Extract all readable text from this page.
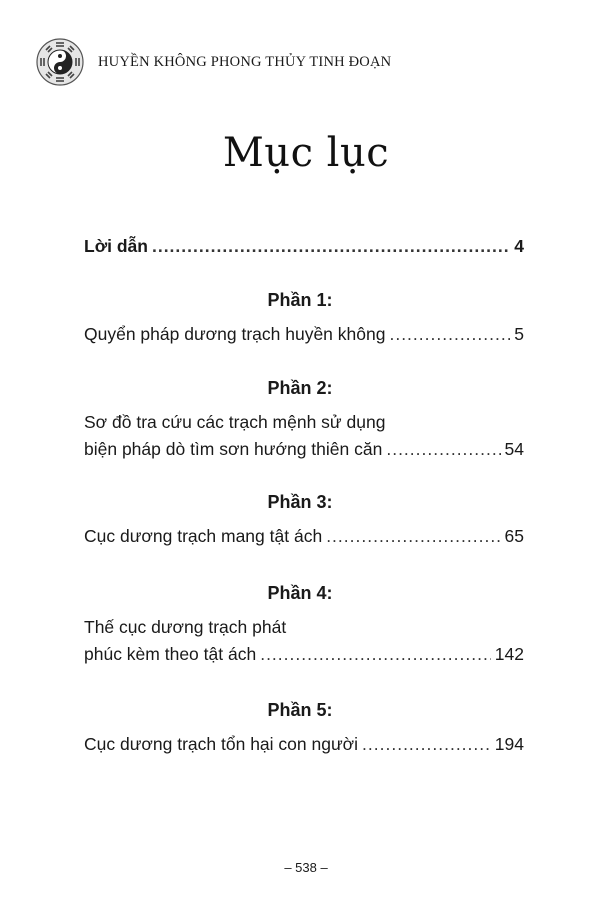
HUYỀN KHÔNG PHONG THỦY TINH ĐOẠN
Mục lục
Lời dẫn .....	4
Phần 1:
Quyển pháp dương trạch huyền không .....	5
Phần 2:
Sơ đồ tra cứu các trạch mệnh sử dụng
biện pháp dò tìm sơn hướng thiên căn .....	54
Phần 3:
Cục dương trạch mang tật ách .....	65
Phần 4:
Thế cục dương trạch phát
phúc kèm theo tật ách .....	142
Phần 5:
Cục dương trạch tổn hại con người .....	194
– 538 –
